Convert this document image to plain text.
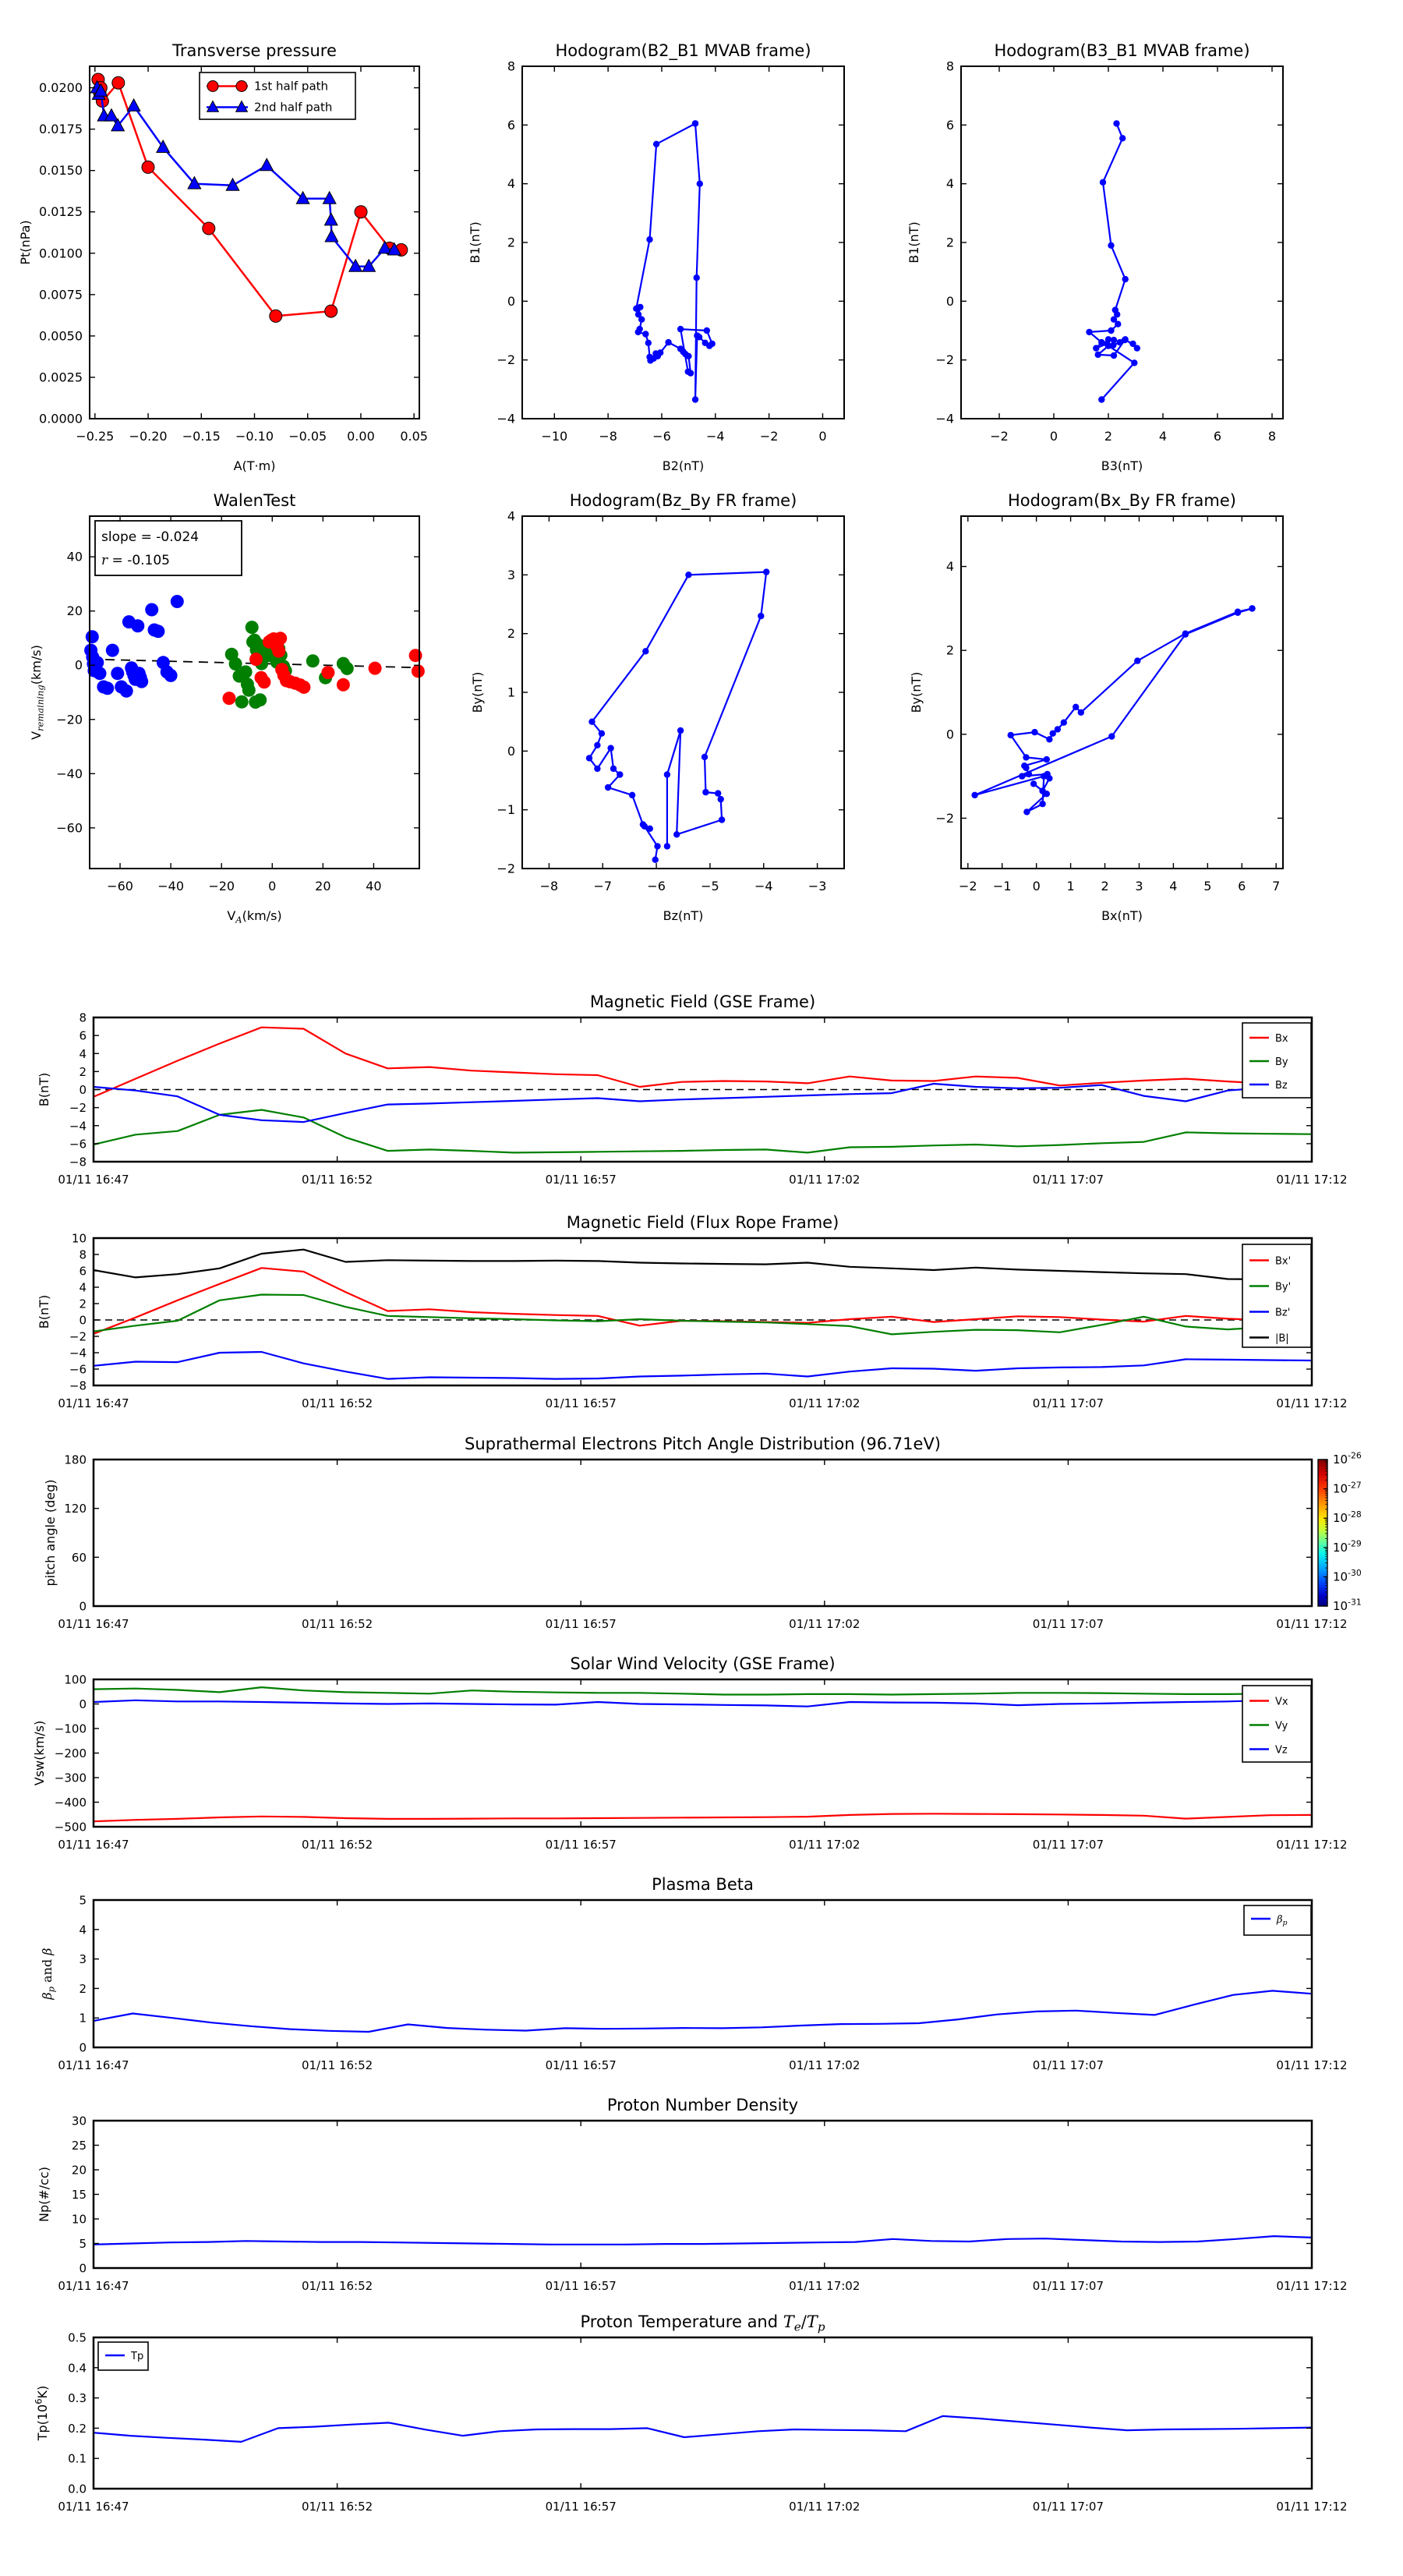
−0.25 −0.20 −0.15 −0.10 −0.05 0.00 0.05
0.0000
0.0025
0.0050
0.0075
0.0100
0.0125
0.0150
0.0175
0.0200
Transverse pressure
A(T·m)
Pt(nPa)
1st half path
2nd half path
−10	−8	−6	−4	−2	0
−4
−2
0
2
4
6
8
Hodogram(B2_B1 MVAB frame)
B2(nT)
B1(nT)
−2	0	2	4	6	8
−4
−2
0
2
4
6
8
Hodogram(B3_B1 MVAB frame)
B3(nT)
B1(nT)
−60 −40 −20	0	20	40
−60
−40
−20
0
20
40
WalenTest
$V_A(km/s)$
$V_{remaining}(km/s)$
slope = -0.024
r = -0.105
−8	−7	−6	−5	−4	−3
−2
−1
0
1
2
3
4
Hodogram(Bz_By FR frame)
Bz(nT)
By(nT)
−2 −1 0 1 2 3 4 5 6 7
−2
0
2
4
Hodogram(Bx_By FR frame)
Bx(nT)
By(nT)
01/11 16:47	01/11 16:52	01/11 16:57	01/11 17:02	01/11 17:07	01/11 17:12
−8
−6
−4
−2
0
2
4
6
8
Magnetic Field (GSE Frame)
B(nT)
Bx
By
Bz
01/11 16:47	01/11 16:52	01/11 16:57	01/11 17:02	01/11 17:07	01/11 17:12
−8
−6
−4
−2
0
2
4
6
8
10
Magnetic Field (Flux Rope Frame)
B(nT)
Bx'
By'
Bz'
|B|
01/11 16:47	01/11 16:52	01/11 16:57	01/11 17:02	01/11 17:07	01/11 17:12
0
60
120
180
Suprathermal Electrons Pitch Angle Distribution (96.71eV)
pitch angle (deg)
$10^{-26}$
$10^{-27}$
$10^{-28}$
$10^{-29}$
$10^{-30}$
$10^{-31}$
01/11 16:47	01/11 16:52	01/11 16:57	01/11 17:02	01/11 17:07	01/11 17:12
−500
−400
−300
−200
−100
0
100
Solar Wind Velocity (GSE Frame)
Vsw(km/s)
Vx
Vy
Vz
01/11 16:47	01/11 16:52	01/11 16:57	01/11 17:02	01/11 17:07	01/11 17:12
0
1
2
3
4
5
Plasma Beta
$\beta_p$ and β
$\beta_p$
01/11 16:47	01/11 16:52	01/11 16:57	01/11 17:02	01/11 17:07	01/11 17:12
0
5
10
15
20
25
30
Proton Number Density
Np(#/cc)
01/11 16:47	01/11 16:52	01/11 16:57	01/11 17:02	01/11 17:07	01/11 17:12
0.0
0.1
0.2
0.3
0.4
0.5
Proton Temperature and $T_e/T_p$
$Tp(10^6K)$
Tp
